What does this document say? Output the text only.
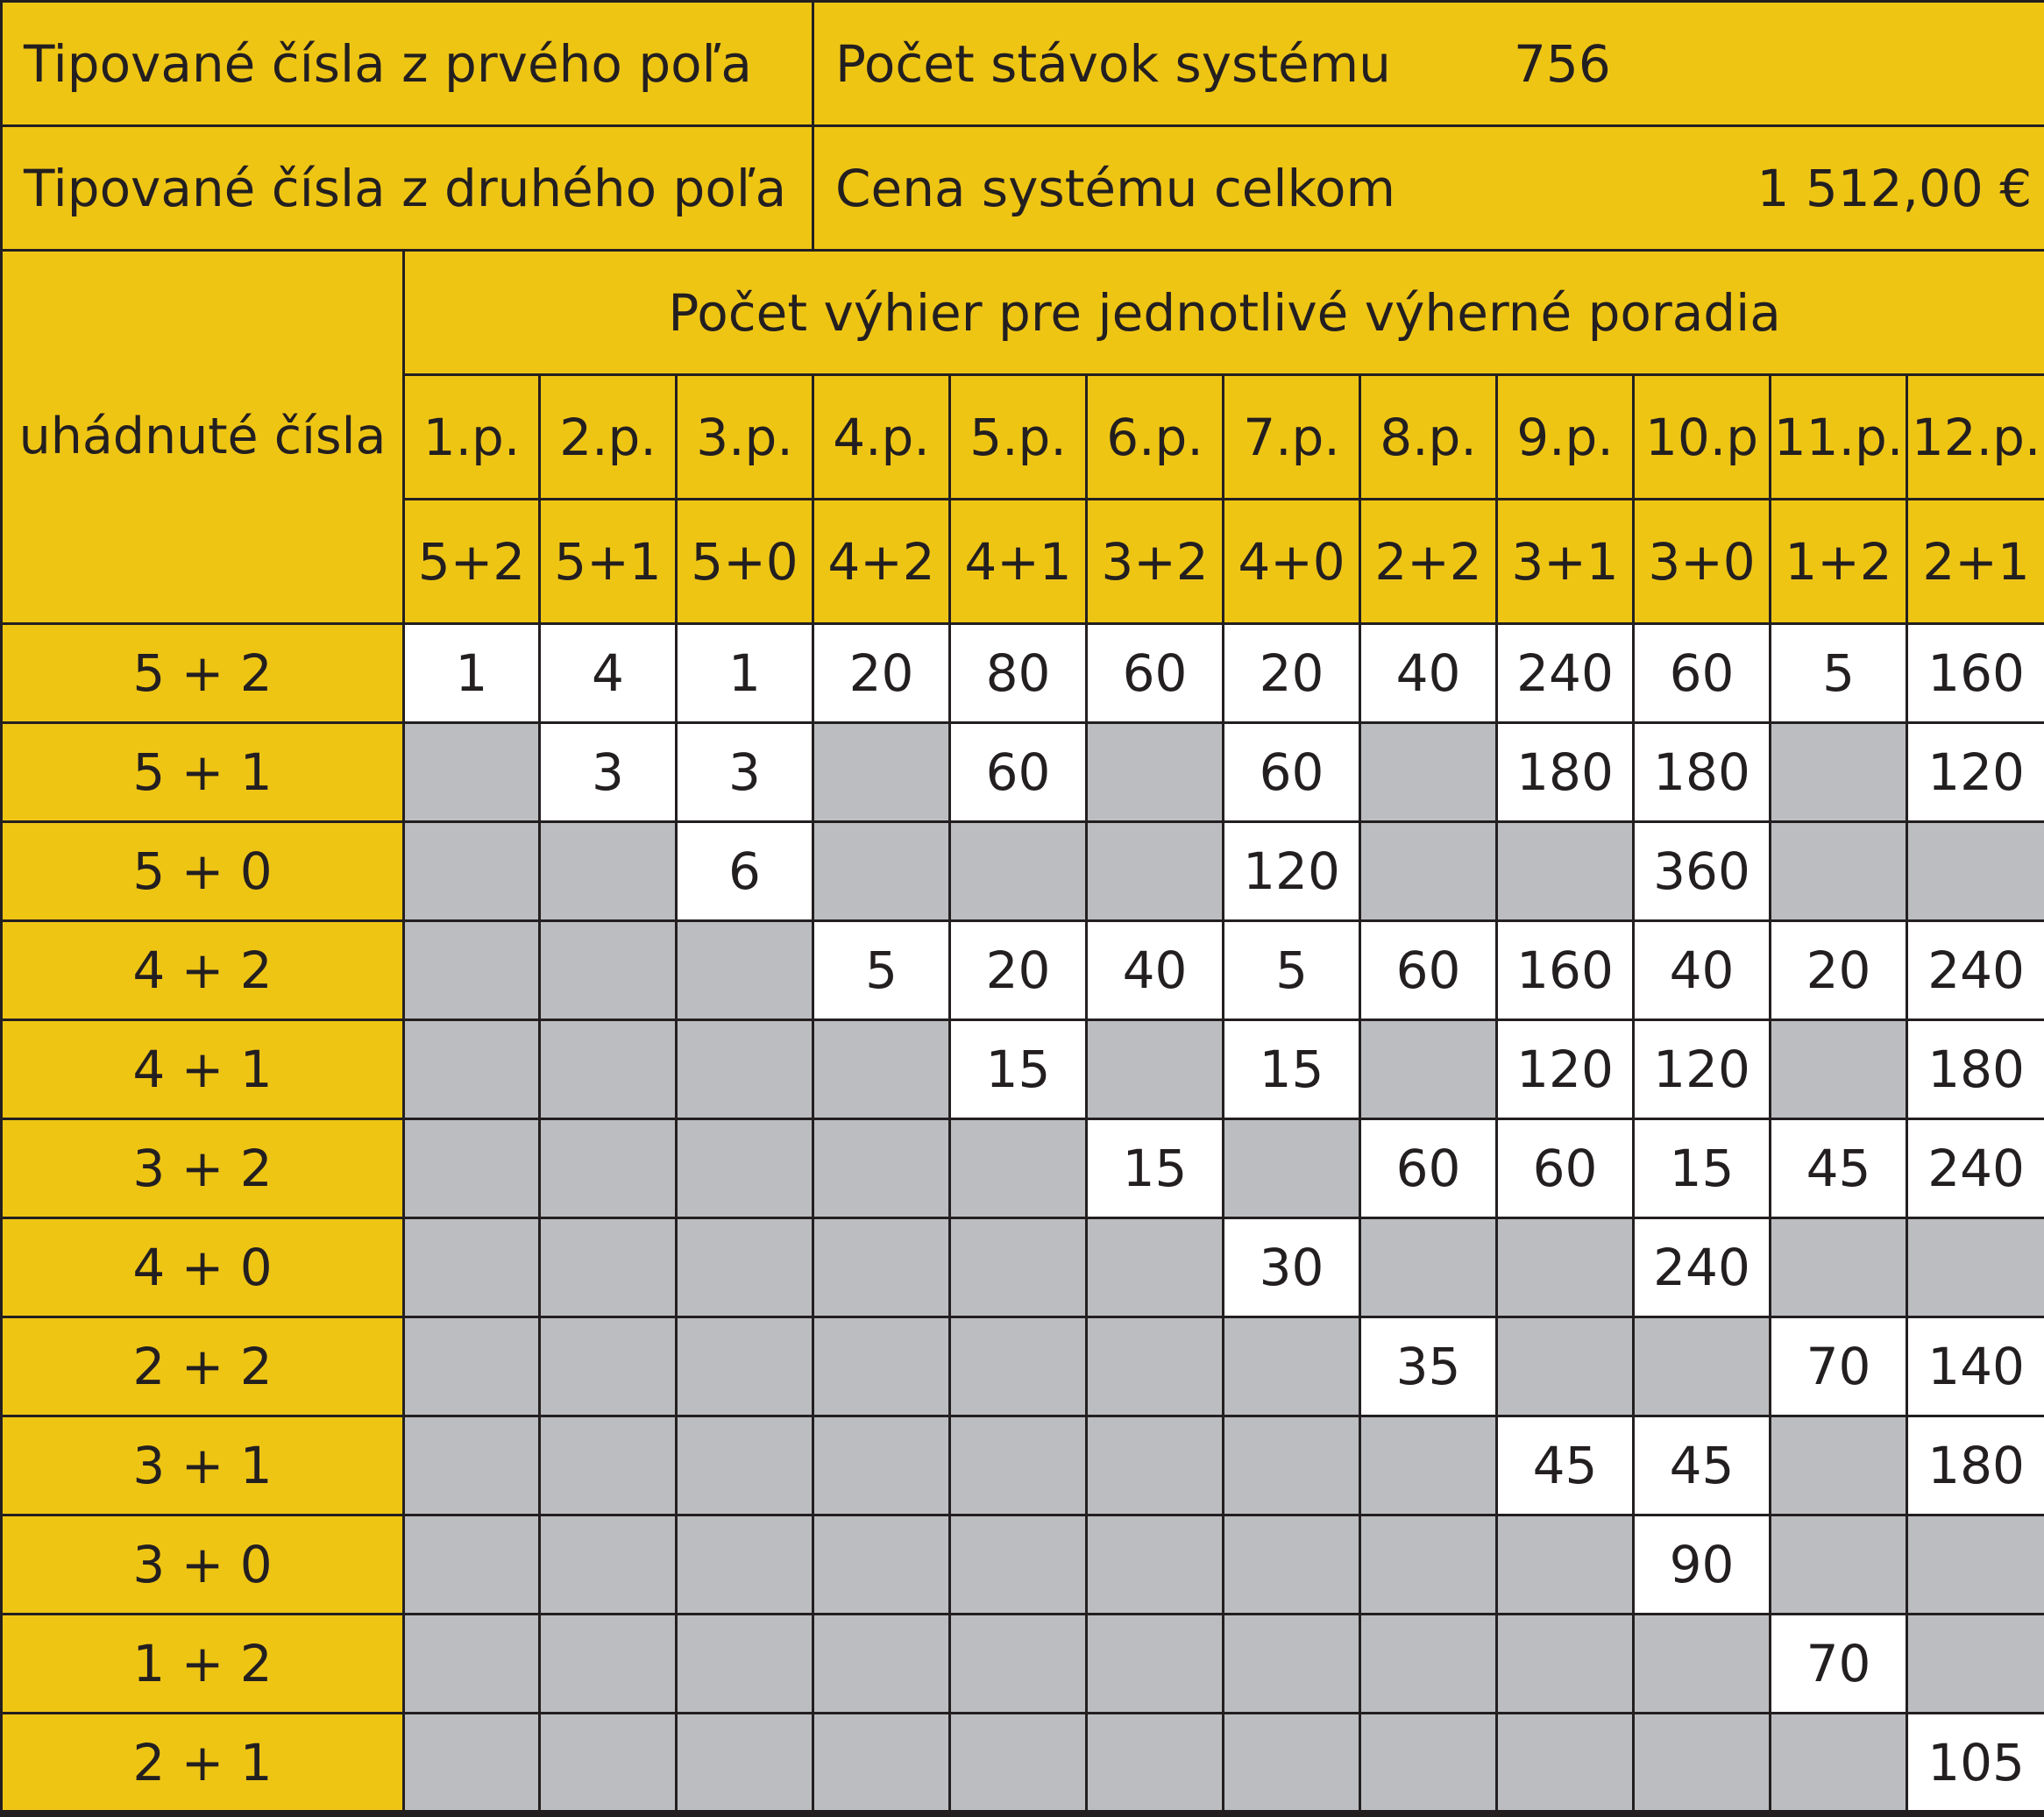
Tipované čísla z prvého poľa				Počet stávok systému 756								

Tipované čísla z druhého poľa				Cena systému celkom 1 512,00 €								

uhádnuté čísla	Počet výhier pre jednotlivé výherné poradia											
	1.p.	2.p.	3.p.	4.p.	5.p.	6.p.	7.p.	8.p.	9.p.	10.p	11.p.	12.p.
	5+2	5+1	5+0	4+2	4+1	3+2	4+0	2+2	3+1	3+0	1+2	2+1
5 + 2	1	4	1	20	80	60	20	40	240	60	5	160
5 + 1		3	3		60		60		180	180		120
5 + 0			6				120			360		
4 + 2				5	20	40	5	60	160	40	20	240
4 + 1					15		15		120	120		180
3 + 2						15		60	60	15	45	240
4 + 0							30			240		
2 + 2								35			70	140
3 + 1									45	45		180
3 + 0										90		
1 + 2											70	
2 + 1												105
